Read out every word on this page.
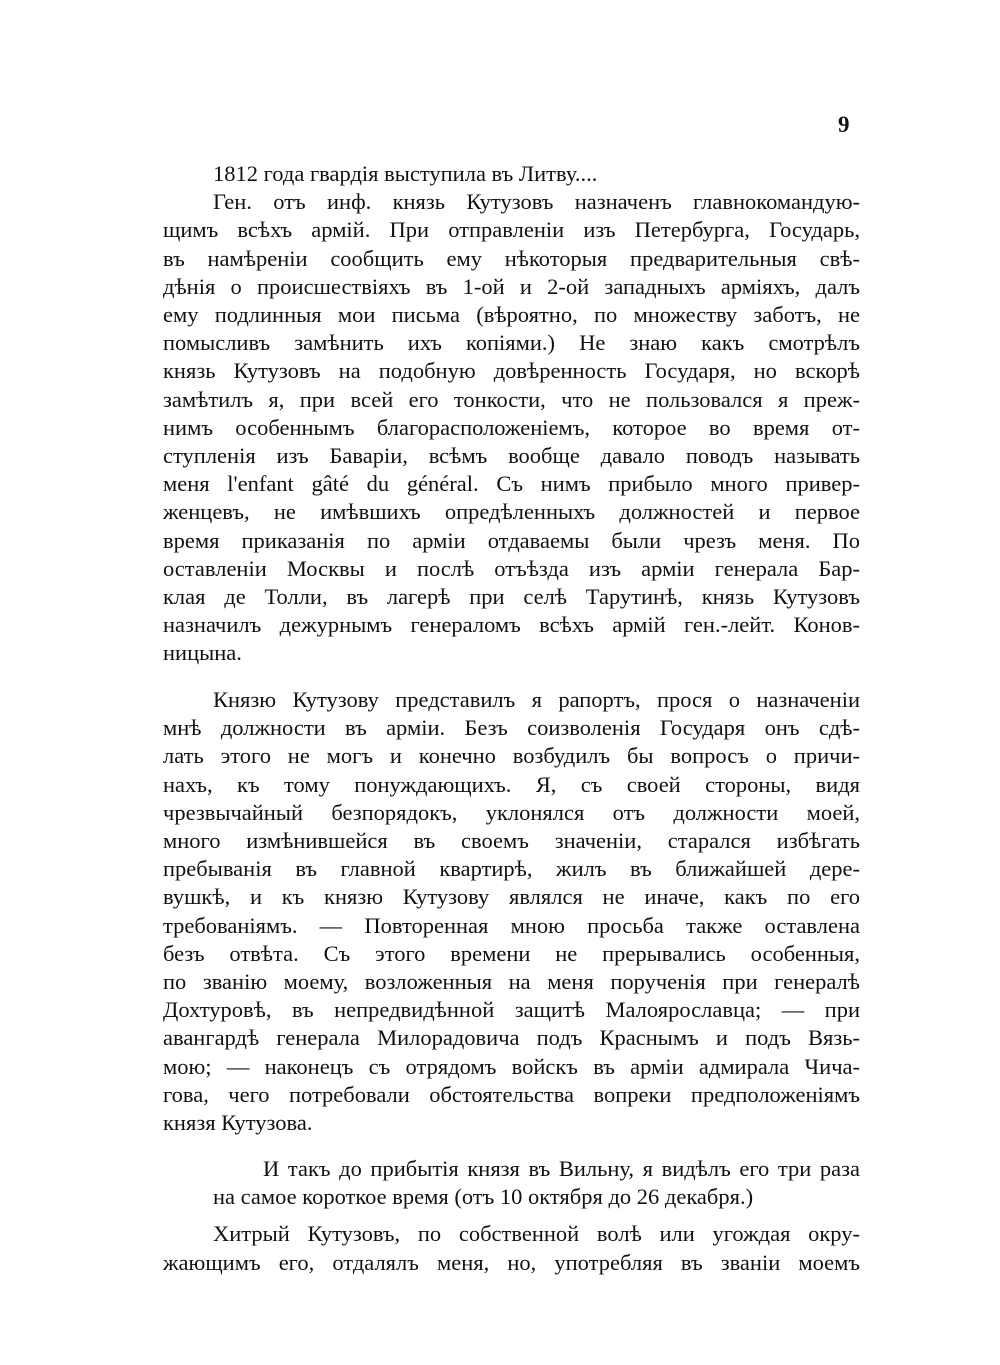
9
1812 года гвардія выступила въ Литву....
Ген. отъ инф. князь Кутузовъ назначенъ главнокомандую-
щимъ всѣхъ армій. При отправленіи изъ Петербурга, Государь,
въ намѣреніи сообщить ему нѣкоторыя предварительныя свѣ-
дѣнія о происшествіяхъ въ 1-ой и 2-ой западныхъ арміяхъ, далъ
ему подлинныя мои письма (вѣроятно, по множеству заботъ, не
помысливъ замѣнить ихъ копіями.) Не знаю какъ смотрѣлъ
князь Кутузовъ на подобную довѣренность Государя, но вскорѣ
замѣтилъ я, при всей его тонкости, что не пользовался я преж-
нимъ особеннымъ благорасположеніемъ, которое во время от-
ступленія изъ Баваріи, всѣмъ вообще давало поводъ называть
меня l'enfant gâté du général. Съ нимъ прибыло много привер-
женцевъ, не имѣвшихъ опредѣленныхъ должностей и первое
время приказанія по арміи отдаваемы были чрезъ меня. По
оставленіи Москвы и послѣ отъѣзда изъ арміи генерала Бар-
клая де Толли, въ лагерѣ при селѣ Тарутинѣ, князь Кутузовъ
назначилъ дежурнымъ генераломъ всѣхъ армій ген.-лейт. Конов-
ницына.
Князю Кутузову представилъ я рапортъ, прося о назначеніи
мнѣ должности въ арміи. Безъ соизволенія Государя онъ сдѣ-
лать этого не могъ и конечно возбудилъ бы вопросъ о причи-
нахъ, къ тому понуждающихъ. Я, съ своей стороны, видя
чрезвычайный безпорядокъ, уклонялся отъ должности моей,
много измѣнившейся въ своемъ значеніи, старался избѣгать
пребыванія въ главной квартирѣ, жилъ въ ближайшей дере-
вушкѣ, и къ князю Кутузову являлся не иначе, какъ по его
требованіямъ. — Повторенная мною просьба также оставлена
безъ отвѣта. Съ этого времени не прерывались особенныя,
по званію моему, возложенныя на меня порученія при генералѣ
Дохтуровѣ, въ непредвидѣнной защитѣ Малоярославца; — при
авангардѣ генерала Милорадовича подъ Краснымъ и подъ Вязь-
мою; — наконецъ съ отрядомъ войскъ въ арміи адмирала Чича-
гова, чего потребовали обстоятельства вопреки предположеніямъ
князя Кутузова.
И такъ до прибытія князя въ Вильну, я видѣлъ его три раза
на самое короткое время (отъ 10 октября до 26 декабря.)
Хитрый Кутузовъ, по собственной волѣ или угождая окру-
жающимъ его, отдалялъ меня, но, употребляя въ званіи моемъ
